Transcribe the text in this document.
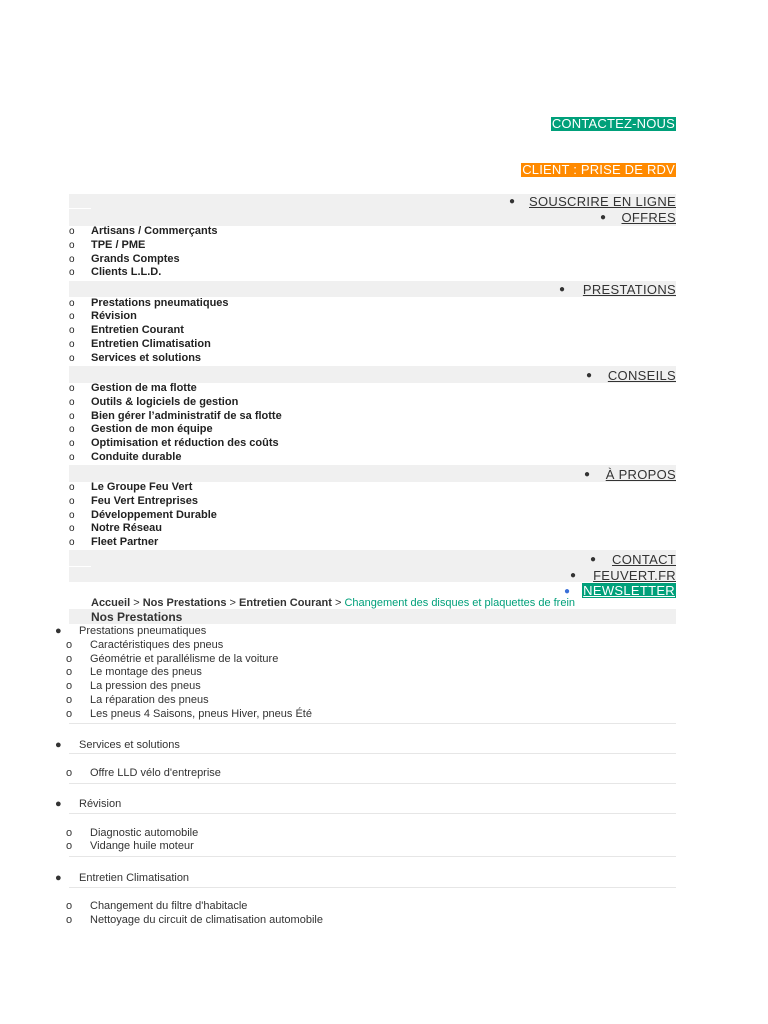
CONTACTEZ-NOUS
CLIENT : PRISE DE RDV
● SOUSCRIRE EN LIGNE
● OFFRES
o Artisans / Commerçants
o TPE / PME
o Grands Comptes
o Clients L.L.D.
● PRESTATIONS
o Prestations pneumatiques
o Révision
o Entretien Courant
o Entretien Climatisation
o Services et solutions
● CONSEILS
o Gestion de ma flotte
o Outils & logiciels de gestion
o Bien gérer l’administratif de sa flotte
o Gestion de mon équipe
o Optimisation et réduction des coûts
o Conduite durable
● À PROPOS
o Le Groupe Feu Vert
o Feu Vert Entreprises
o Développement Durable
o Notre Réseau
o Fleet Partner
● CONTACT
● FEUVERT.FR
● NEWSLETTER
Accueil > Nos Prestations > Entretien Courant > Changement des disques et plaquettes de frein
Nos Prestations
● Prestations pneumatiques
o Caractéristiques des pneus
o Géométrie et parallélisme de la voiture
o Le montage des pneus
o La pression des pneus
o La réparation des pneus
o Les pneus 4 Saisons, pneus Hiver, pneus Été
● Services et solutions
o Offre LLD vélo d'entreprise
● Révision
o Diagnostic automobile
o Vidange huile moteur
● Entretien Climatisation
o Changement du filtre d'habitacle
o Nettoyage du circuit de climatisation automobile
